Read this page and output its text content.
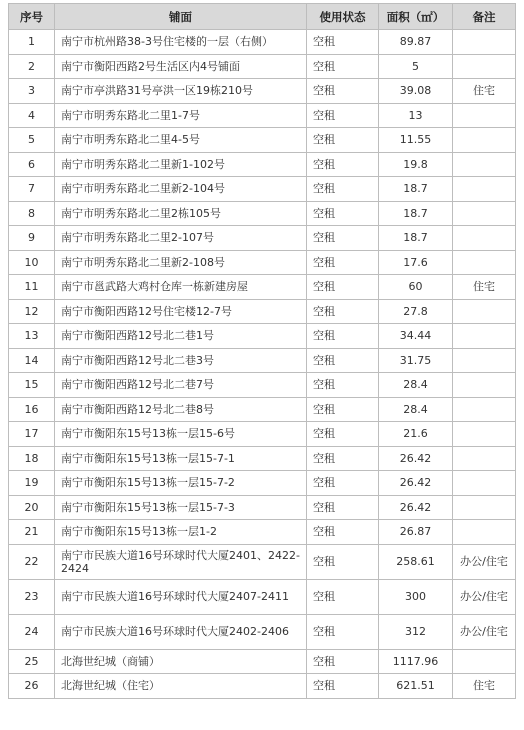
序号	铺面	使用状态	面积（㎡）	备注
1	南宁市杭州路38-3号住宅楼的一层（右侧）	空租	89.87	
2	南宁市衡阳西路2号生活区内4号铺面	空租	5	
3	南宁市亭洪路31号亭洪一区19栋210号	空租	39.08	住宅
4	南宁市明秀东路北二里1-7号	空租	13	
5	南宁市明秀东路北二里4-5号	空租	11.55	
6	南宁市明秀东路北二里新1-102号	空租	19.8	
7	南宁市明秀东路北二里新2-104号	空租	18.7	
8	南宁市明秀东路北二里2栋105号	空租	18.7	
9	南宁市明秀东路北二里2-107号	空租	18.7	
10	南宁市明秀东路北二里新2-108号	空租	17.6	
11	南宁市邕武路大鸡村仓库一栋新建房屋	空租	60	住宅
12	南宁市衡阳西路12号住宅楼12-7号	空租	27.8	
13	南宁市衡阳西路12号北二巷1号	空租	34.44	
14	南宁市衡阳西路12号北二巷3号	空租	31.75	
15	南宁市衡阳西路12号北二巷7号	空租	28.4	
16	南宁市衡阳西路12号北二巷8号	空租	28.4	
17	南宁市衡阳东15号13栋一层15-6号	空租	21.6	
18	南宁市衡阳东15号13栋一层15-7-1	空租	26.42	
19	南宁市衡阳东15号13栋一层15-7-2	空租	26.42	
20	南宁市衡阳东15号13栋一层15-7-3	空租	26.42	
21	南宁市衡阳东15号13栋一层1-2	空租	26.87	
22	南宁市民族大道16号环球时代大厦2401、2422-2424	空租	258.61	办公/住宅
23	南宁市民族大道16号环球时代大厦2407-2411	空租	300	办公/住宅
24	南宁市民族大道16号环球时代大厦2402-2406	空租	312	办公/住宅
25	北海世纪城（商铺）	空租	1117.96	
26	北海世纪城（住宅）	空租	621.51	住宅
